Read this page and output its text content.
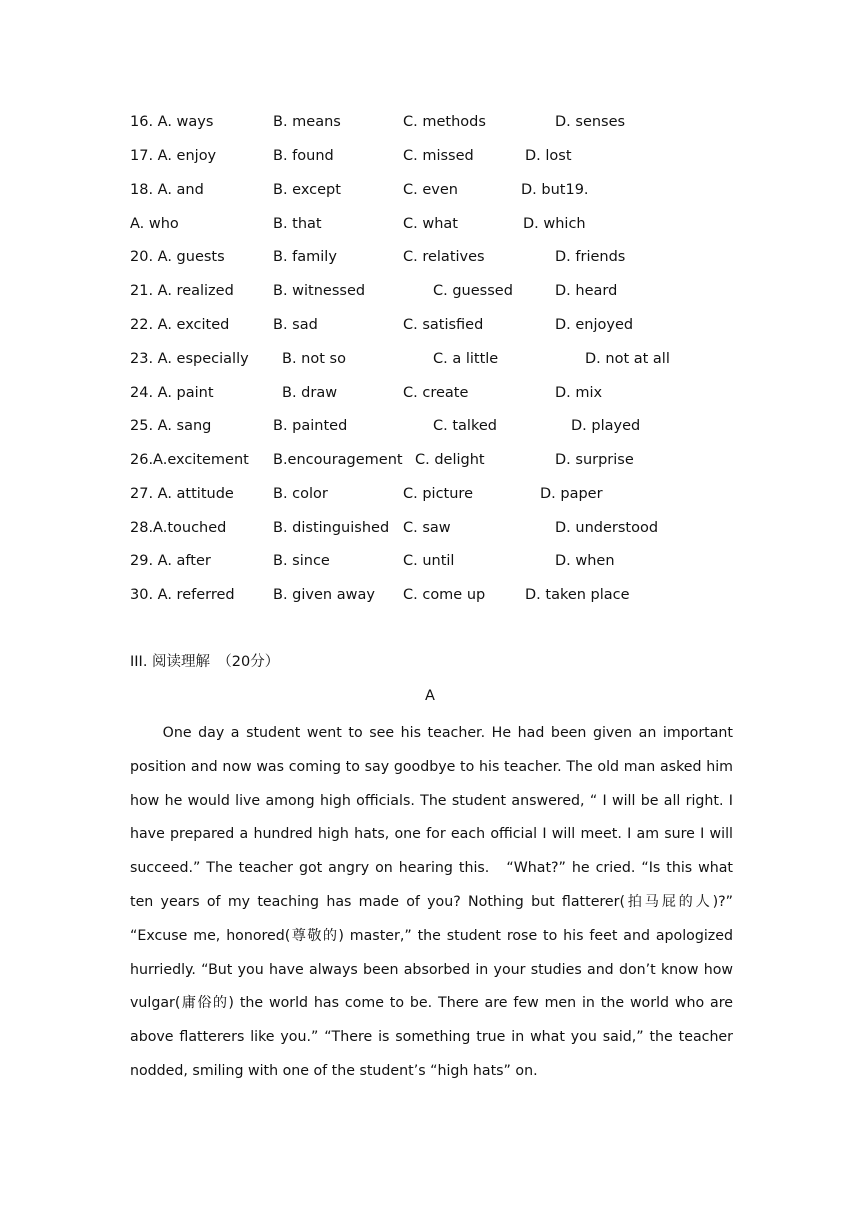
16. A. ways	B. means	C. methods	D. senses
17. A. enjoy	B. found	C. missed	D. lost
18. A. and	B. except	C. even	D. but19.
A. who	B. that	C. what	D. which
20. A. guests	B. family	C. relatives	D. friends
21. A. realized	B. witnessed	C. guessed	D. heard
22. A. excited	B. sad	C. satisfied	D. enjoyed
23. A. especially B. not so	C. a little	D. not at all
24. A. paint	B. draw	C. create	D. mix
25. A. sang	B. painted	C. talked	D. played
26.A.excitement B.encouragement C. delight	D. surprise
27. A. attitude	B. color	C. picture	D. paper
28.A.touched	B. distinguished C. saw	D. understood
29. A. after	B. since	C. until	D. when
30. A. referred	B. given away C. come up	D. taken place
III. 阅读理解　（20分）
A

One day a student went to see his teacher. He had been given an important position and now was coming to say goodbye to his teacher. The old man asked him how he would live among high officials. The student answered, “ I will be all right. I have prepared a hundred high hats, one for each official I will meet. I am sure I will succeed.” The teacher got angry on hearing this.　“What?” he cried. “Is this what ten years of my teaching has made of you? Nothing but flatterer(拍马屁的人)?” “Excuse me, honored(尊敬的) master,” the student rose to his feet and apologized hurriedly. “But you have always been absorbed in your studies and don’t know how vulgar(庸俗的) the world has come to be. There are few men in the world who are above flatterers like you.” “There is something true in what you said,” the teacher nodded, smiling with one of the student’s “high hats” on.
